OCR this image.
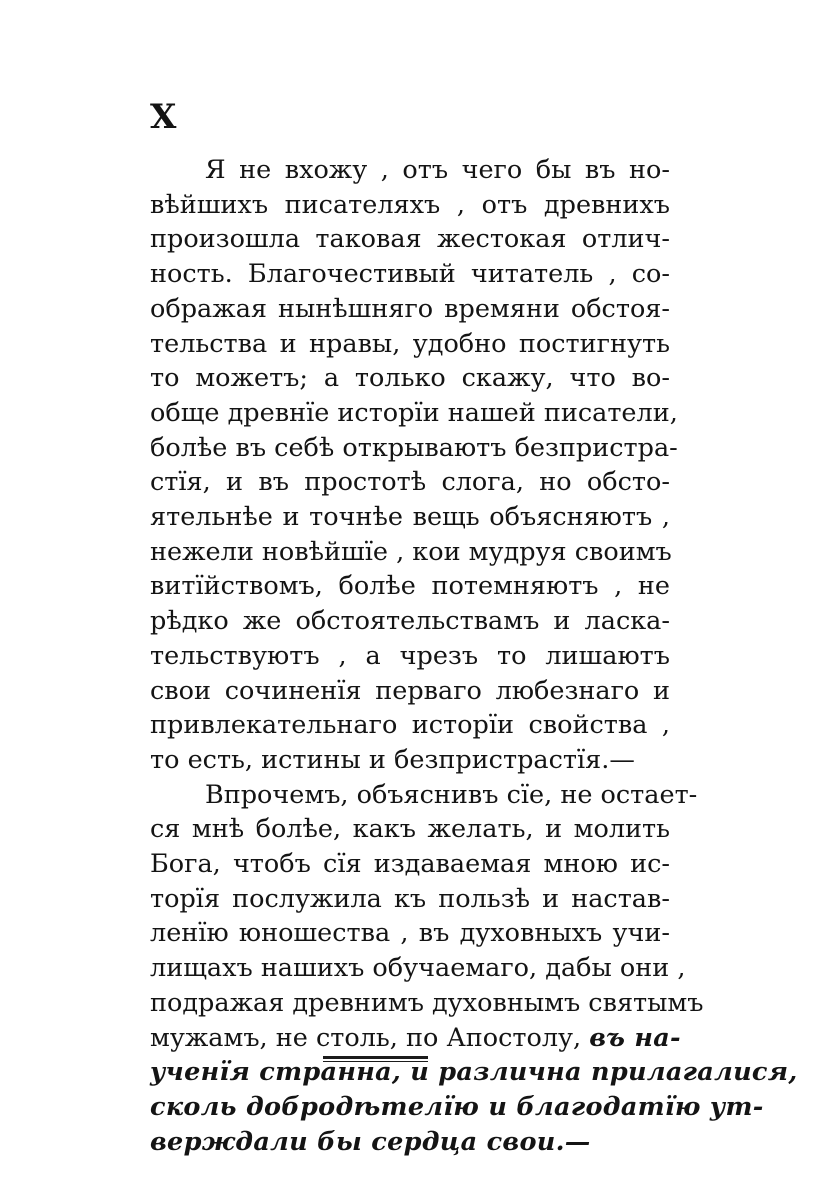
X

Я не вхожу , отъ чего бы въ но-
вѣйшихъ писателяхъ , отъ древнихъ
произошла таковая жестокая отлич-
ность. Благочестивый читатель , со-
ображая нынѣшняго времяни обстоя-
тельства и нравы, удобно постигнуть
то можетъ; а только скажу, что во-
обще древнїе исторїи нашей писатели,
болѣе въ себѣ открываютъ безпристра-
стїя, и въ простотѣ слога, но обсто-
ятельнѣе и точнѣе вещь объясняютъ ,
нежели новѣйшїе , кои мудруя своимъ
витїйствомъ, болѣе потемняютъ , не
рѣдко же обстоятельствамъ и ласка-
тельствуютъ , а чрезъ то лишаютъ
свои сочиненїя перваго любезнаго и
привлекательнаго исторїи свойства ,
то есть, истины и безпристрастїя.—

Впрочемъ, объяснивъ сїе, не остает-
ся мнѣ болѣе, какъ желать, и молить
Бога, чтобъ сїя издаваемая мною ис-
торїя послужила къ пользѣ и настав-
ленїю юношества , въ духовныхъ учи-
лищахъ нашихъ обучаемаго, дабы они ,
подражая древнимъ духовнымъ святымъ
мужамъ, не столь, по Апостолу, въ на-
ученїя странна, и различна прилагалися,
сколь добродѣтелїю и благодатїю ут-
верждали бы сердца свои.—
